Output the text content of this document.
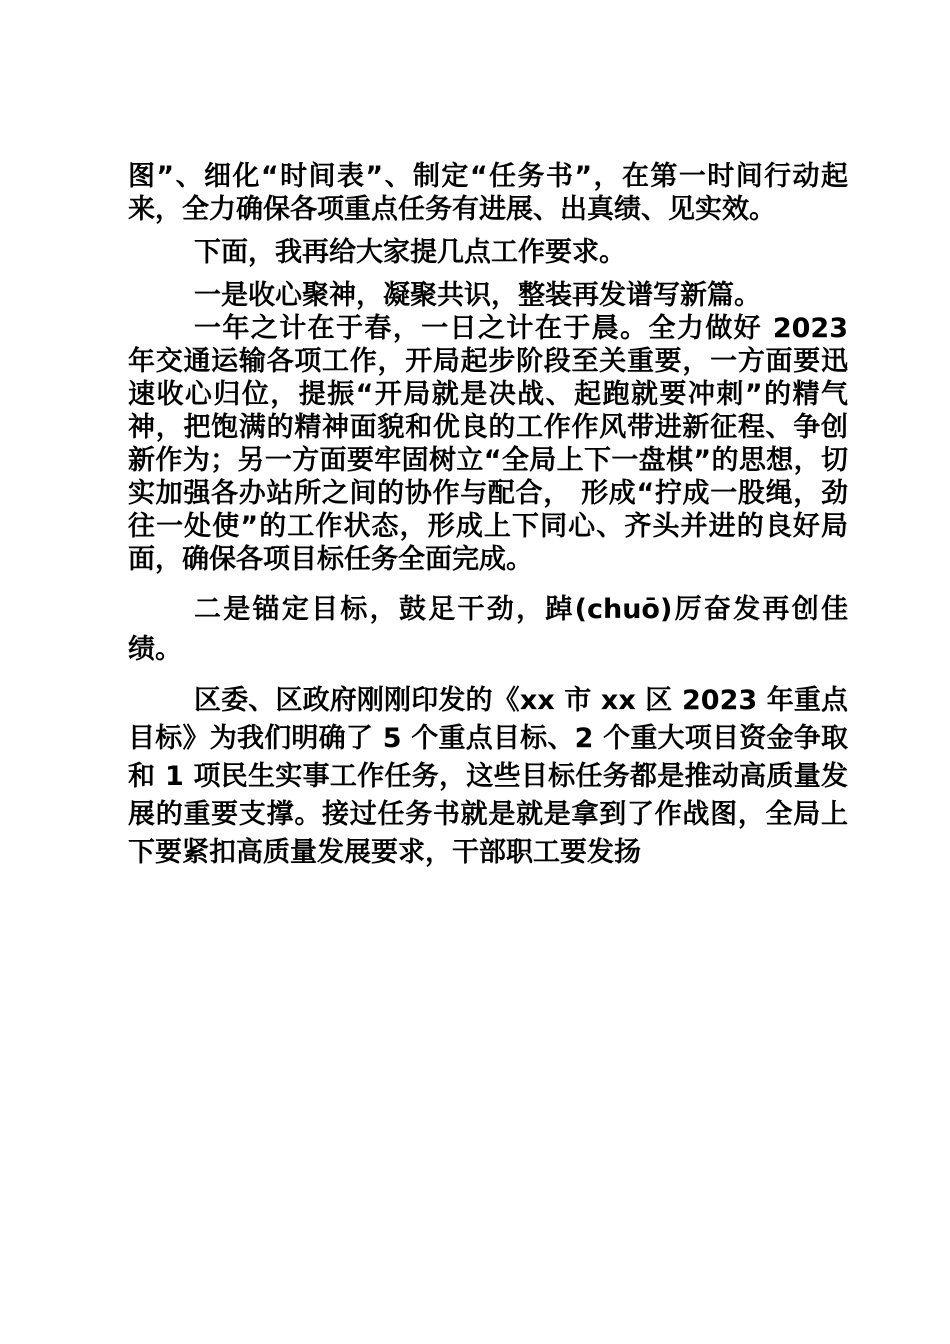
图”、细化“时间表”、制定“任务书”，在第一时间行动起来，全力确保各项重点任务有进展、出真绩、见实效。

下面，我再给大家提几点工作要求。

一是收心聚神，凝聚共识，整装再发谱写新篇。

一年之计在于春，一日之计在于晨。全力做好 2023 年交通运输各项工作，开局起步阶段至关重要，一方面要迅速收心归位，提振“开局就是决战、起跑就要冲刺”的精气神，把饱满的精神面貌和优良的工作作风带进新征程、争创新作为；另一方面要牢固树立“全局上下一盘棋”的思想，切实加强各办站所之间的协作与配合， 形成“拧成一股绳，劲往一处使”的工作状态，形成上下同心、齐头并进的良好局面，确保各项目标任务全面完成。

二是锚定目标，鼓足干劲，踔(chuō)厉奋发再创佳绩。

区委、区政府刚刚印发的《xx 市 xx 区 2023 年重点目标》为我们明确了 5 个重点目标、2 个重大项目资金争取和 1 项民生实事工作任务，这些目标任务都是推动高质量发展的重要支撑。接过任务书就是就是拿到了作战图，全局上下要紧扣高质量发展要求，干部职工要发扬
